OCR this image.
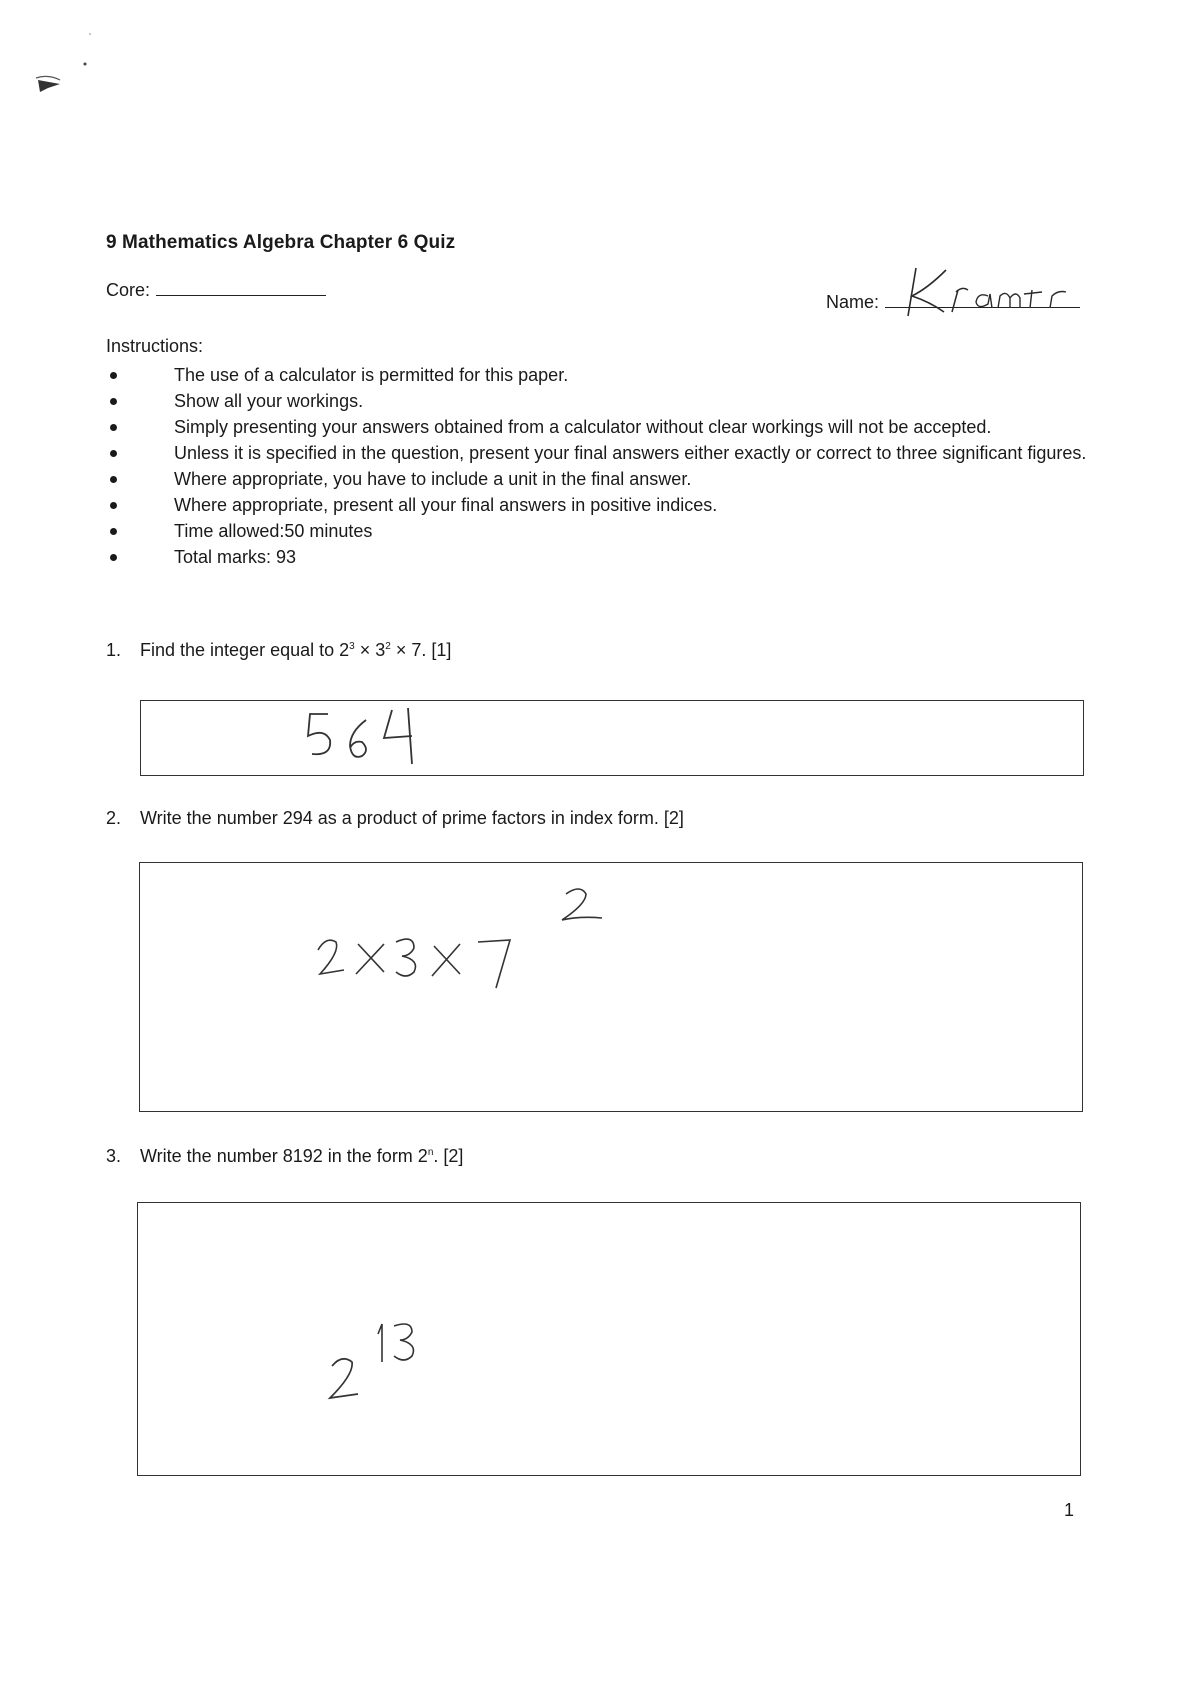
9 Mathematics Algebra Chapter 6 Quiz
Core:
Name:
Instructions:
The use of a calculator is permitted for this paper.
Show all your workings.
Simply presenting your answers obtained from a calculator without clear workings will not be accepted.
Unless it is specified in the question, present your final answers either exactly or correct to three significant figures.
Where appropriate, you have to include a unit in the final answer.
Where appropriate, present all your final answers in positive indices.
Time allowed:50 minutes
Total marks: 93
1. Find the integer equal to $2^3 \times 3^2 \times 7$. [1]
2. Write the number 294 as a product of prime factors in index form. [2]
3. Write the number 8192 in the form 2$^n$. [2]
1
